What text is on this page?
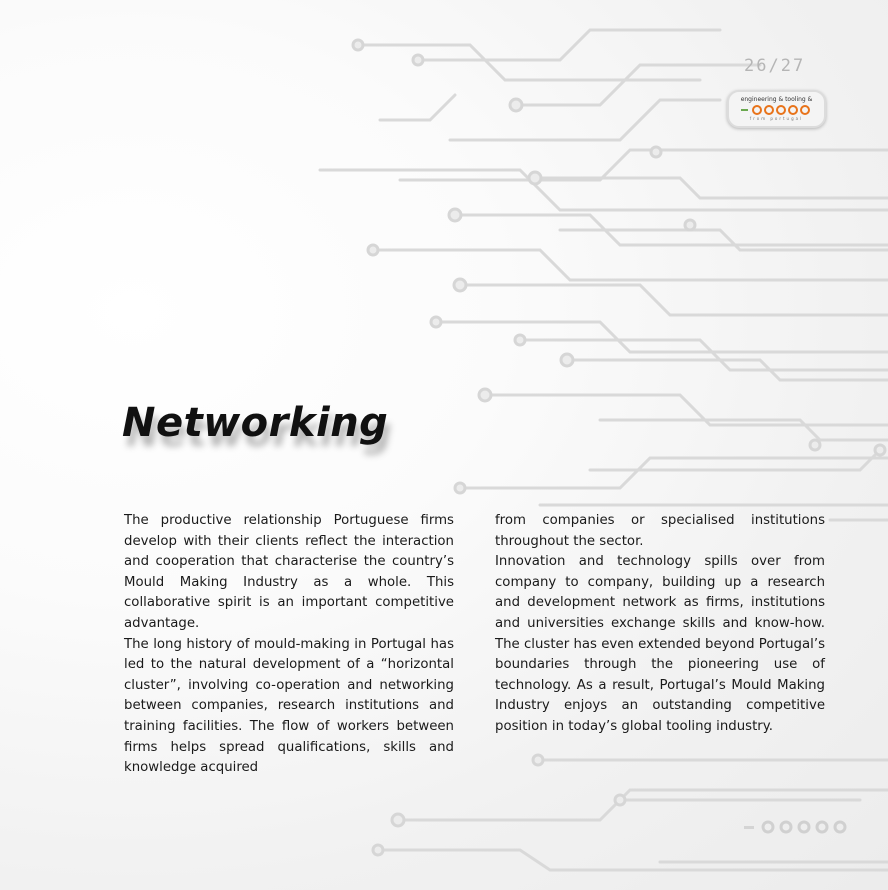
26/27
engineering & tooling &
from portugal
Networking

The productive relationship Portuguese firms develop with their clients reflect the interaction and cooperation that characterise the country’s Mould Making Industry as a whole. This collaborative spirit is an important competitive advantage.

The long history of mould-making in Portugal has led to the natural development of a “horizontal cluster”, involving co-operation and networking between companies, research institutions and training facilities. The flow of workers between firms helps spread qualifications, skills and knowledge acquired

from companies or specialised institutions throughout the sector.

Innovation and technology spills over from company to company, building up a research and development network as firms, institutions and universities exchange skills and know-how. The cluster has even extended beyond Portugal’s boundaries through the pioneering use of technology. As a result, Portugal’s Mould Making Industry enjoys an outstanding competitive position in today’s global tooling industry.
